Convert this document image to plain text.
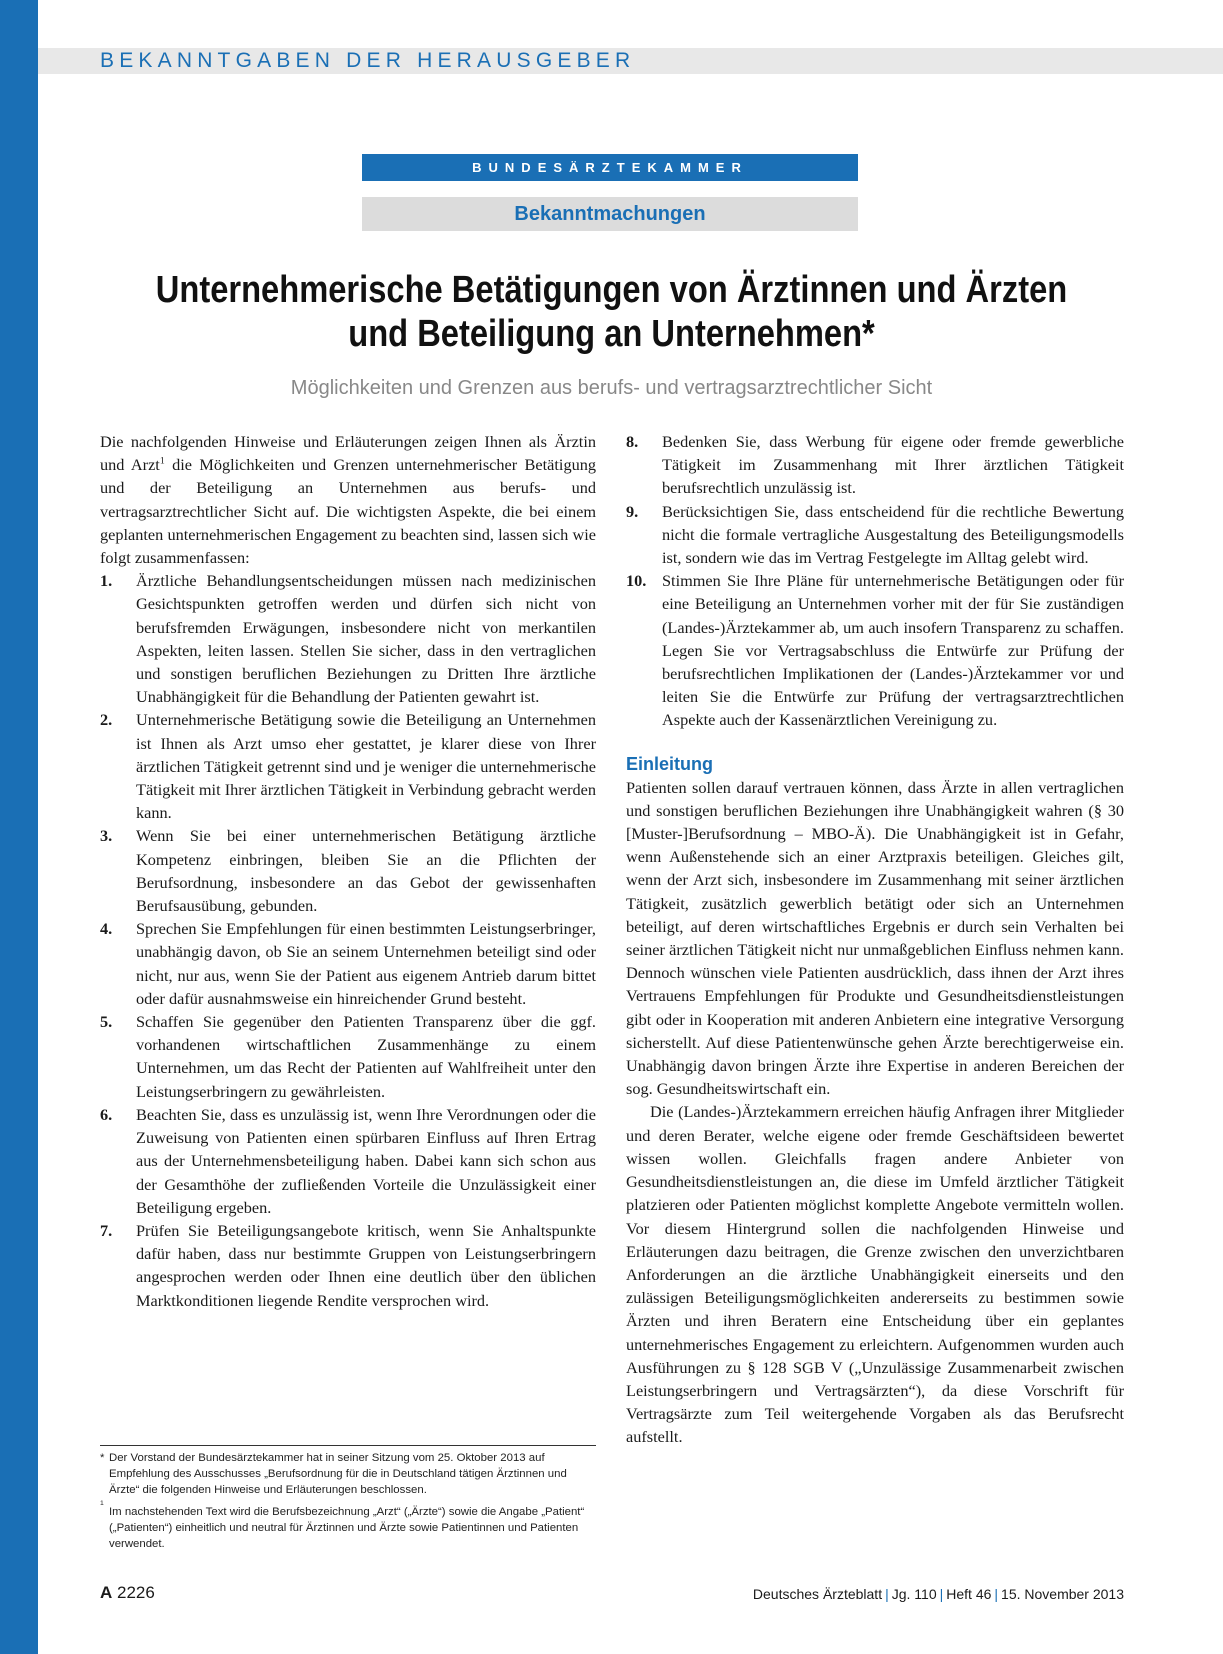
BEKANNTGABEN DER HERAUSGEBER
BUNDESÄRZTEKAMMER
Bekanntmachungen
Unternehmerische Betätigungen von Ärztinnen und Ärzten
und Beteiligung an Unternehmen*
Möglichkeiten und Grenzen aus berufs- und vertragsarztrechtlicher Sicht

Die nachfolgenden Hinweise und Erläuterungen zeigen Ihnen als Ärztin und Arzt$^1$ die Möglichkeiten und Grenzen unternehmerischer Betätigung und der Beteiligung an Unternehmen aus berufs- und vertragsarztrechtlicher Sicht auf. Die wichtigsten Aspekte, die bei einem geplanten unternehmerischen Engagement zu beachten sind, lassen sich wie folgt zusammenfassen:

1. Ärztliche Behandlungsentscheidungen müssen nach medizinischen Gesichtspunkten getroffen werden und dürfen sich nicht von berufsfremden Erwägungen, insbesondere nicht von merkantilen Aspekten, leiten lassen. Stellen Sie sicher, dass in den vertraglichen und sonstigen beruflichen Beziehungen zu Dritten Ihre ärztliche Unabhängigkeit für die Behandlung der Patienten gewahrt ist.
2. Unternehmerische Betätigung sowie die Beteiligung an Unternehmen ist Ihnen als Arzt umso eher gestattet, je klarer diese von Ihrer ärztlichen Tätigkeit getrennt sind und je weniger die unternehmerische Tätigkeit mit Ihrer ärztlichen Tätigkeit in Verbindung gebracht werden kann.
3. Wenn Sie bei einer unternehmerischen Betätigung ärztliche Kompetenz einbringen, bleiben Sie an die Pflichten der Berufsordnung, insbesondere an das Gebot der gewissenhaften Berufsausübung, gebunden.
4. Sprechen Sie Empfehlungen für einen bestimmten Leistungserbringer, unabhängig davon, ob Sie an seinem Unternehmen beteiligt sind oder nicht, nur aus, wenn Sie der Patient aus eigenem Antrieb darum bittet oder dafür ausnahmsweise ein hinreichender Grund besteht.
5. Schaffen Sie gegenüber den Patienten Transparenz über die ggf. vorhandenen wirtschaftlichen Zusammenhänge zu einem Unternehmen, um das Recht der Patienten auf Wahlfreiheit unter den Leistungserbringern zu gewährleisten.
6. Beachten Sie, dass es unzulässig ist, wenn Ihre Verordnungen oder die Zuweisung von Patienten einen spürbaren Einfluss auf Ihren Ertrag aus der Unternehmensbeteiligung haben. Dabei kann sich schon aus der Gesamthöhe der zufließenden Vorteile die Unzulässigkeit einer Beteiligung ergeben.
7. Prüfen Sie Beteiligungsangebote kritisch, wenn Sie Anhaltspunkte dafür haben, dass nur bestimmte Gruppen von Leistungserbringern angesprochen werden oder Ihnen eine deutlich über den üblichen Marktkonditionen liegende Rendite versprochen wird.
* Der Vorstand der Bundesärztekammer hat in seiner Sitzung vom 25. Oktober 2013 auf Empfehlung des Ausschusses „Berufsordnung für die in Deutschland tätigen Ärztinnen und Ärzte“ die folgenden Hinweise und Erläuterungen beschlossen.
1
Im nachstehenden Text wird die Berufsbezeichnung „Arzt“ („Ärzte“) sowie die Angabe „Patient“ („Patienten“) einheitlich und neutral für Ärztinnen und Ärzte sowie Patientinnen und Patienten verwendet.
8. Bedenken Sie, dass Werbung für eigene oder fremde gewerbliche Tätigkeit im Zusammenhang mit Ihrer ärztlichen Tätigkeit berufsrechtlich unzulässig ist.
9. Berücksichtigen Sie, dass entscheidend für die rechtliche Bewertung nicht die formale vertragliche Ausgestaltung des Beteiligungsmodells ist, sondern wie das im Vertrag Festgelegte im Alltag gelebt wird.
10. Stimmen Sie Ihre Pläne für unternehmerische Betätigungen oder für eine Beteiligung an Unternehmen vorher mit der für Sie zuständigen (Landes-)Ärztekammer ab, um auch insofern Transparenz zu schaffen. Legen Sie vor Vertragsabschluss die Entwürfe zur Prüfung der berufsrechtlichen Implikationen der (Landes-)Ärztekammer vor und leiten Sie die Entwürfe zur Prüfung der vertragsarztrechtlichen Aspekte auch der Kassenärztlichen Vereinigung zu.
Einleitung

Patienten sollen darauf vertrauen können, dass Ärzte in allen vertraglichen und sonstigen beruflichen Beziehungen ihre Unabhängigkeit wahren (§ 30 [Muster-]Berufsordnung – MBO-Ä). Die Unabhängigkeit ist in Gefahr, wenn Außenstehende sich an einer Arztpraxis beteiligen. Gleiches gilt, wenn der Arzt sich, insbesondere im Zusammenhang mit seiner ärztlichen Tätigkeit, zusätzlich gewerblich betätigt oder sich an Unternehmen beteiligt, auf deren wirtschaftliches Ergebnis er durch sein Verhalten bei seiner ärztlichen Tätigkeit nicht nur unmaßgeblichen Einfluss nehmen kann. Dennoch wünschen viele Patienten ausdrücklich, dass ihnen der Arzt ihres Vertrauens Empfehlungen für Produkte und Gesundheitsdienstleistungen gibt oder in Kooperation mit anderen Anbietern eine integrative Versorgung sicherstellt. Auf diese Patientenwünsche gehen Ärzte berechtigerweise ein. Unabhängig davon bringen Ärzte ihre Expertise in anderen Bereichen der sog. Gesundheitswirtschaft ein.

Die (Landes-)Ärztekammern erreichen häufig Anfragen ihrer Mitglieder und deren Berater, welche eigene oder fremde Geschäftsideen bewertet wissen wollen. Gleichfalls fragen andere Anbieter von Gesundheitsdienstleistungen an, die diese im Umfeld ärztlicher Tätigkeit platzieren oder Patienten möglichst komplette Angebote vermitteln wollen. Vor diesem Hintergrund sollen die nachfolgenden Hinweise und Erläuterungen dazu beitragen, die Grenze zwischen den unverzichtbaren Anforderungen an die ärztliche Unabhängigkeit einerseits und den zulässigen Beteiligungsmöglichkeiten andererseits zu bestimmen sowie Ärzten und ihren Beratern eine Entscheidung über ein geplantes unternehmerisches Engagement zu erleichtern. Aufgenommen wurden auch Ausführungen zu § 128 SGB V („Unzulässige Zusammenarbeit zwischen Leistungserbringern und Vertragsärzten“), da diese Vorschrift für Vertragsärzte zum Teil weitergehende Vorgaben als das Berufsrecht aufstellt.

A 2226	Deutsches Ärzteblatt | Jg. 110 | Heft 46 | 15. November 2013
